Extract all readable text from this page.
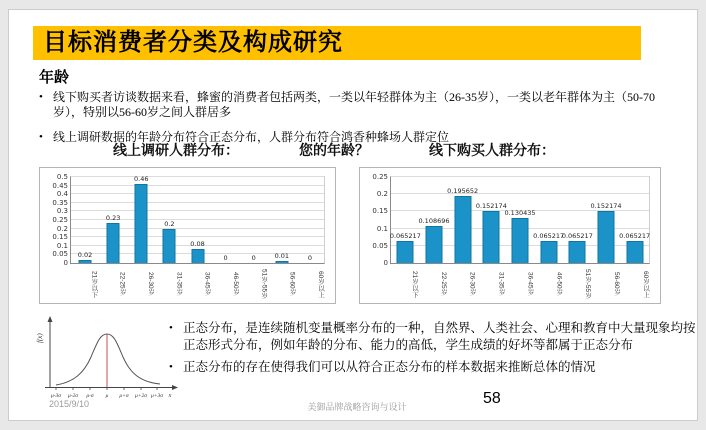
目标消费者分类及构成研究
年龄
• 线下购买者访谈数据来看，蜂蜜的消费者包括两类，一类以年轻群体为主（26-35岁），一类以老年群体为主（50-70岁），特别以56-60岁之间人群居多
• 线上调研数据的年龄分布符合正态分布，人群分布符合鸿香种蜂场人群定位
线上调研人群分布：	您的年龄？	线下购买人群分布：
0
0.05
0.1
0.15
0.2
0.25
0.3
0.35
0.4
0.45
0.5
0.02
0.23
0.46
0.2
0.08
0	0	0.01	0
21岁以下	22-25岁	26-30岁	31-35岁	36-45岁	46-50岁	51岁-55岁	56-60岁	60岁以上
0
0.05
0.1
0.15
0.2
0.25
0.065217
0.108696
0.195652
0.152174
0.130435
0.065217
0.065217
0.152174
0.065217
21岁以下	22-25岁	26-30岁	31-35岁	36-45岁	46-50岁	51岁-55岁	56-60岁	60岁以上
f(x)
μ-3σ μ-2σ μ-σ μ μ+σ μ+2σ μ+3σ x
• 正态分布，是连续随机变量概率分布的一种，自然界、人类社会、心理和教育中大量现象均按正态形式分布，例如年龄的分布、能力的高低，学生成绩的好坏等都属于正态分布
• 正态分布的存在使得我们可以从符合正态分布的样本数据来推断总体的情况
2015/9/10	美御品牌战略咨询与设计	58
